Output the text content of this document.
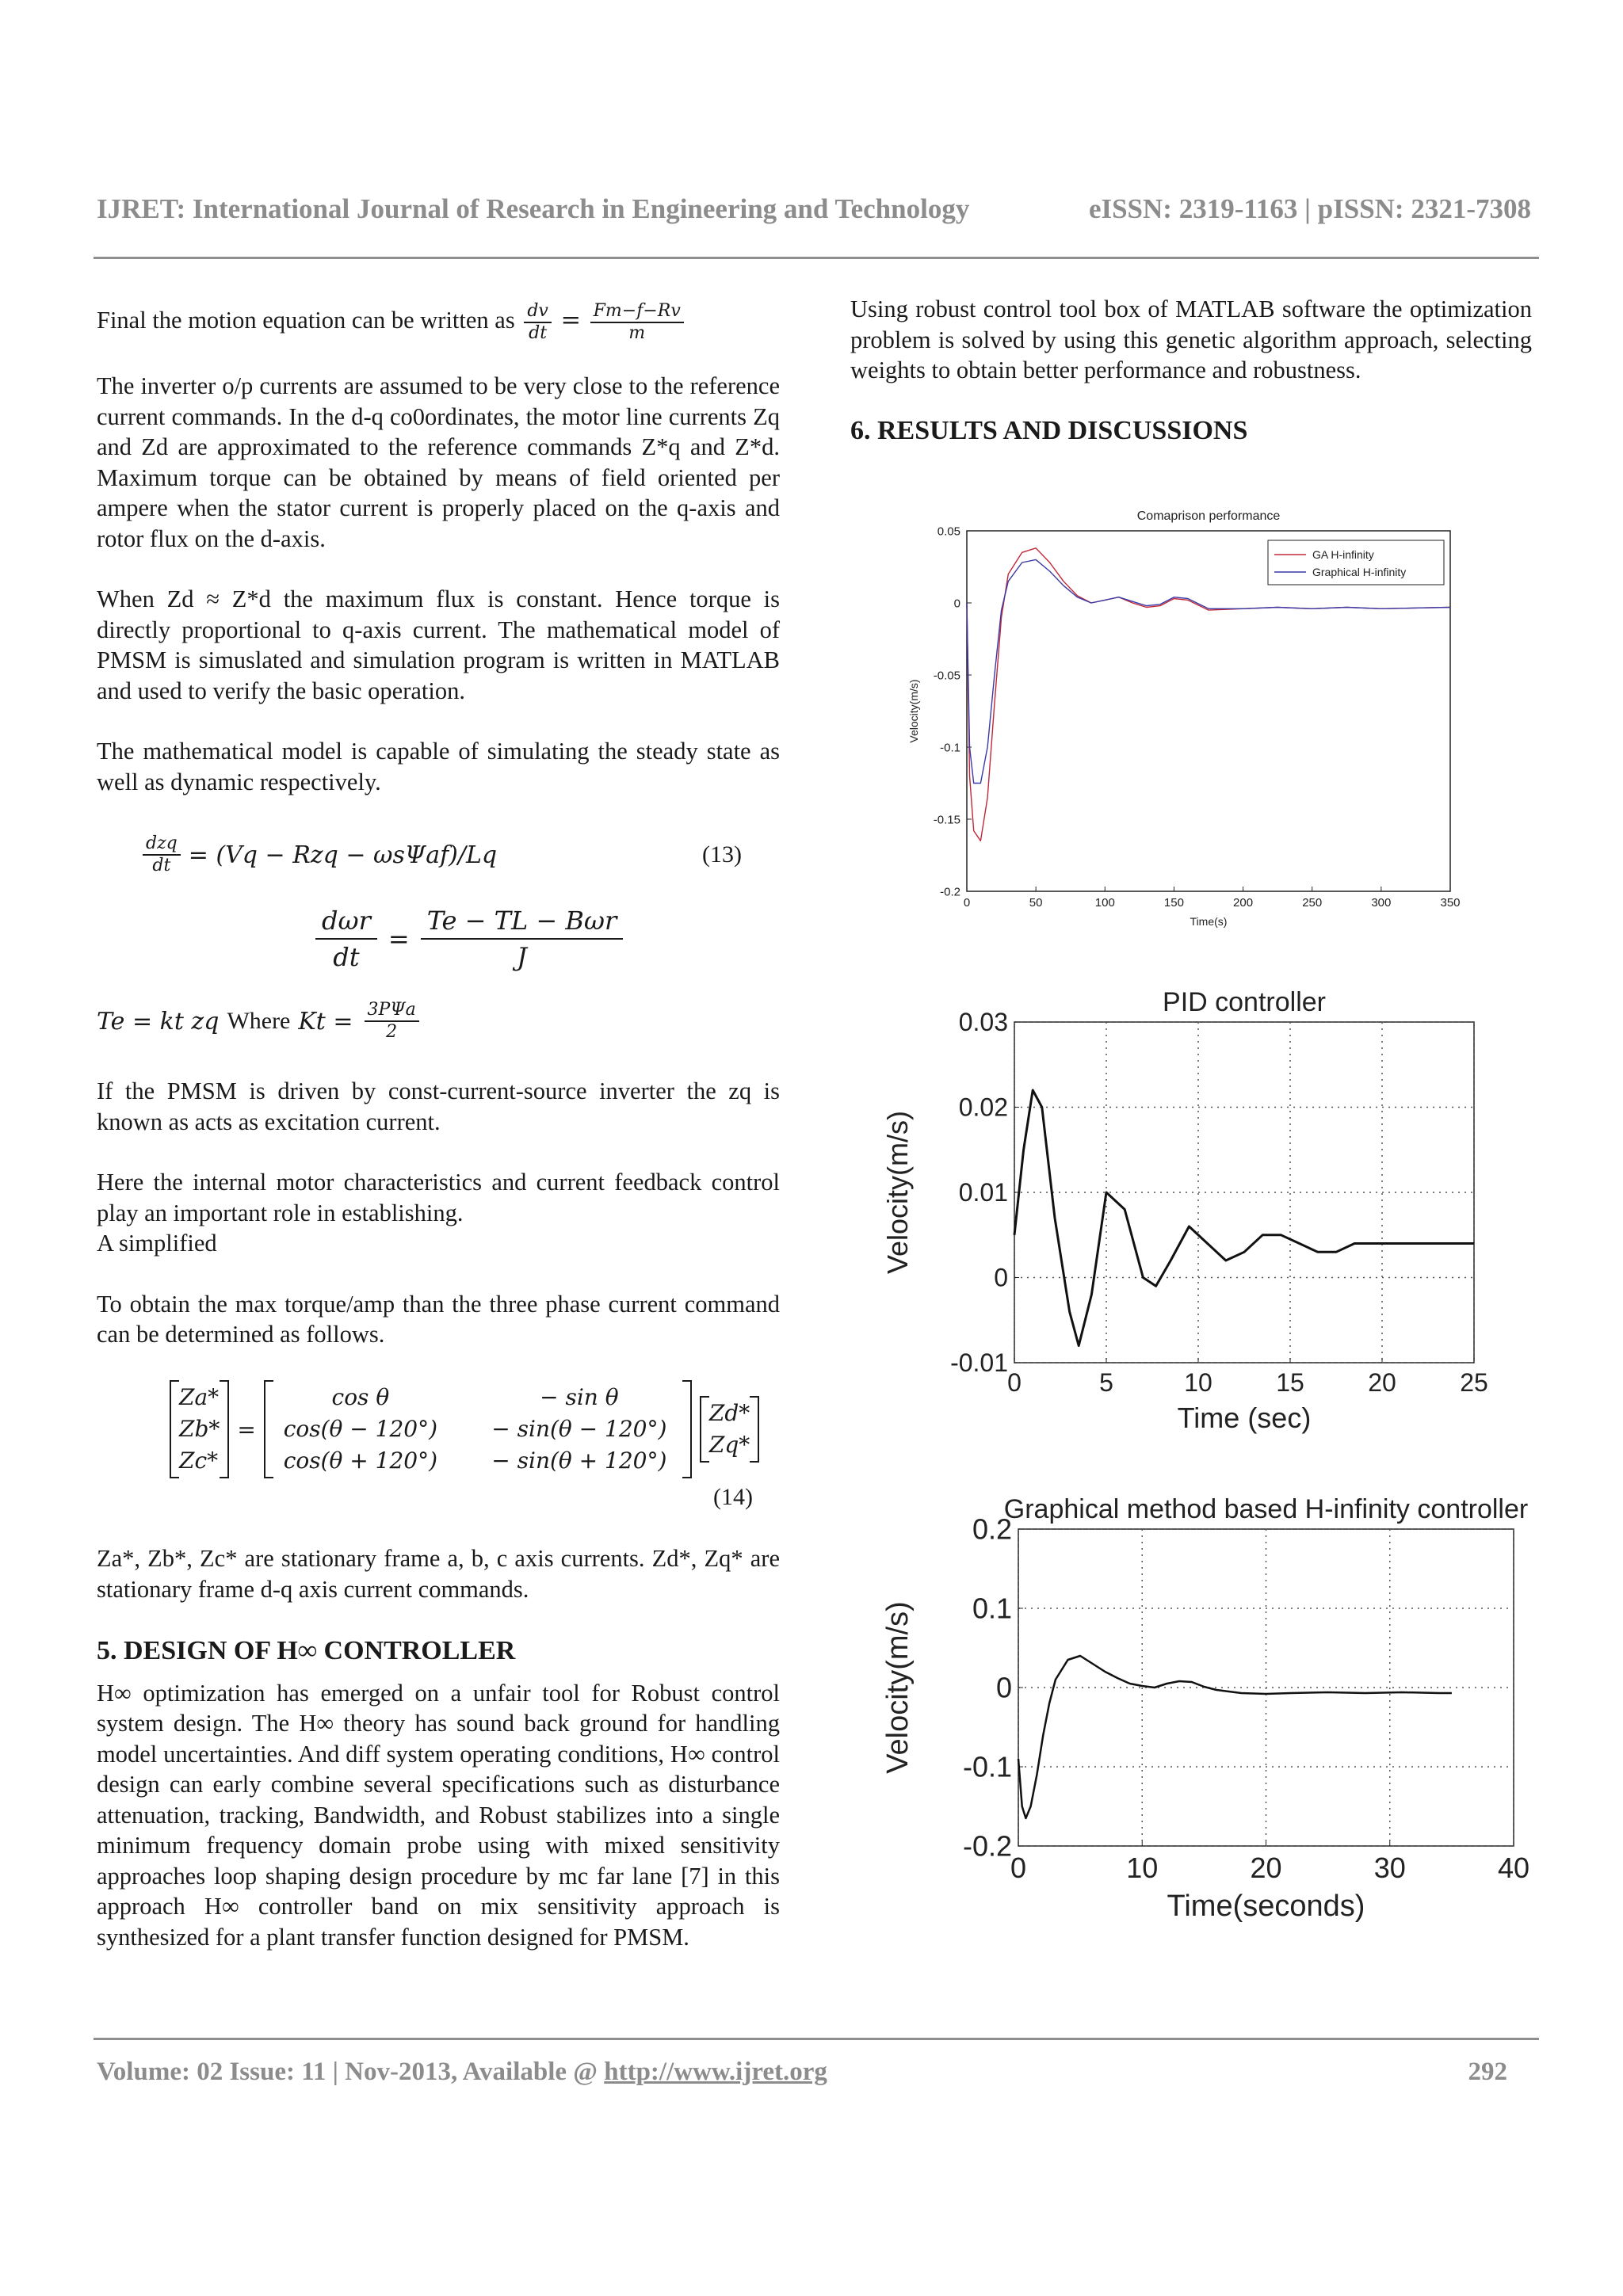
IJRET: International Journal of Research in Engineering and Technology	eISSN: 2319-1163 | pISSN: 2321-7308

Final the motion equation can be written as $\frac{dv}{dt} = \frac{Fm-f-Rv}{m}$

The inverter o/p currents are assumed to be very close to the reference current commands. In the d-q co0ordinates, the motor line currents Zq and Zd are approximated to the reference commands Z*q and Z*d. Maximum torque can be obtained by means of field oriented per ampere when the stator current is properly placed on the q-axis and rotor flux on the d-axis.

When Zd ≈ Z*d the maximum flux is constant. Hence torque is directly proportional to q-axis current. The mathematical model of PMSM is simuslated and simulation program is written in MATLAB and used to verify the basic operation.

The mathematical model is capable of simulating the steady state as well as dynamic respectively.

$\frac{\text{dzq}}{dt} = (Vq$ − Rzq − ωsΨaf)/Lq	(13)
dωr
dt
=
Te − TL − Bωr
J
Te = kt zq Where $Kt = \frac{\text{3PΨa}}{2}$

If the PMSM is driven by const-current-source inverter the zq is known as acts as excitation current.

Here the internal motor characteristics and current feedback control play an important role in establishing.

A simplified

To obtain the max torque/amp than the three phase current command can be determined as follows.

Za*
Zb*
Zc*
=
cos θ	− sin θ
cos(θ − 120°)	− sin(θ − 120°)
cos(θ + 120°)	− sin(θ + 120°)
Zd*
Zq*
(14)

Za*, Zb*, Zc* are stationary frame a, b, c axis currents. Zd*, Zq* are stationary frame d-q axis current commands.

5. DESIGN OF H∞ CONTROLLER

H∞ optimization has emerged on a unfair tool for Robust control system design. The H∞ theory has sound back ground for handling model uncertainties. And diff system operating conditions, H∞ control design can early combine several specifications such as disturbance attenuation, tracking, Bandwidth, and Robust stabilizes into a single minimum frequency domain probe using with mixed sensitivity approaches loop shaping design procedure by mc far lane [7] in this approach H∞ controller band on mix sensitivity approach is synthesized for a plant transfer function designed for PMSM.

Using robust control tool box of MATLAB software the optimization problem is solved by using this genetic algorithm approach, selecting weights to obtain better performance and robustness.

6. RESULTS AND DISCUSSIONS

0	50	100	150	200	250	300	350
0.05
0
-0.05
-0.1
-0.15
-0.2
Comaprison performance
Time(s)
Velocity(m/s)
GA H-infinity
Graphical H-infinity
0	5	10	15	20	25
0.03
0.02
0.01
0
-0.01
PID controller
Time (sec)
Velocity(m/s)
0	10	20	30	40
0.2
0.1
0
-0.1
-0.2
Graphical method based H-infinity controller
Time(seconds)
Velocity(m/s)
Volume: 02 Issue: 11 | Nov-2013, Available @ http://www.ijret.org	292
